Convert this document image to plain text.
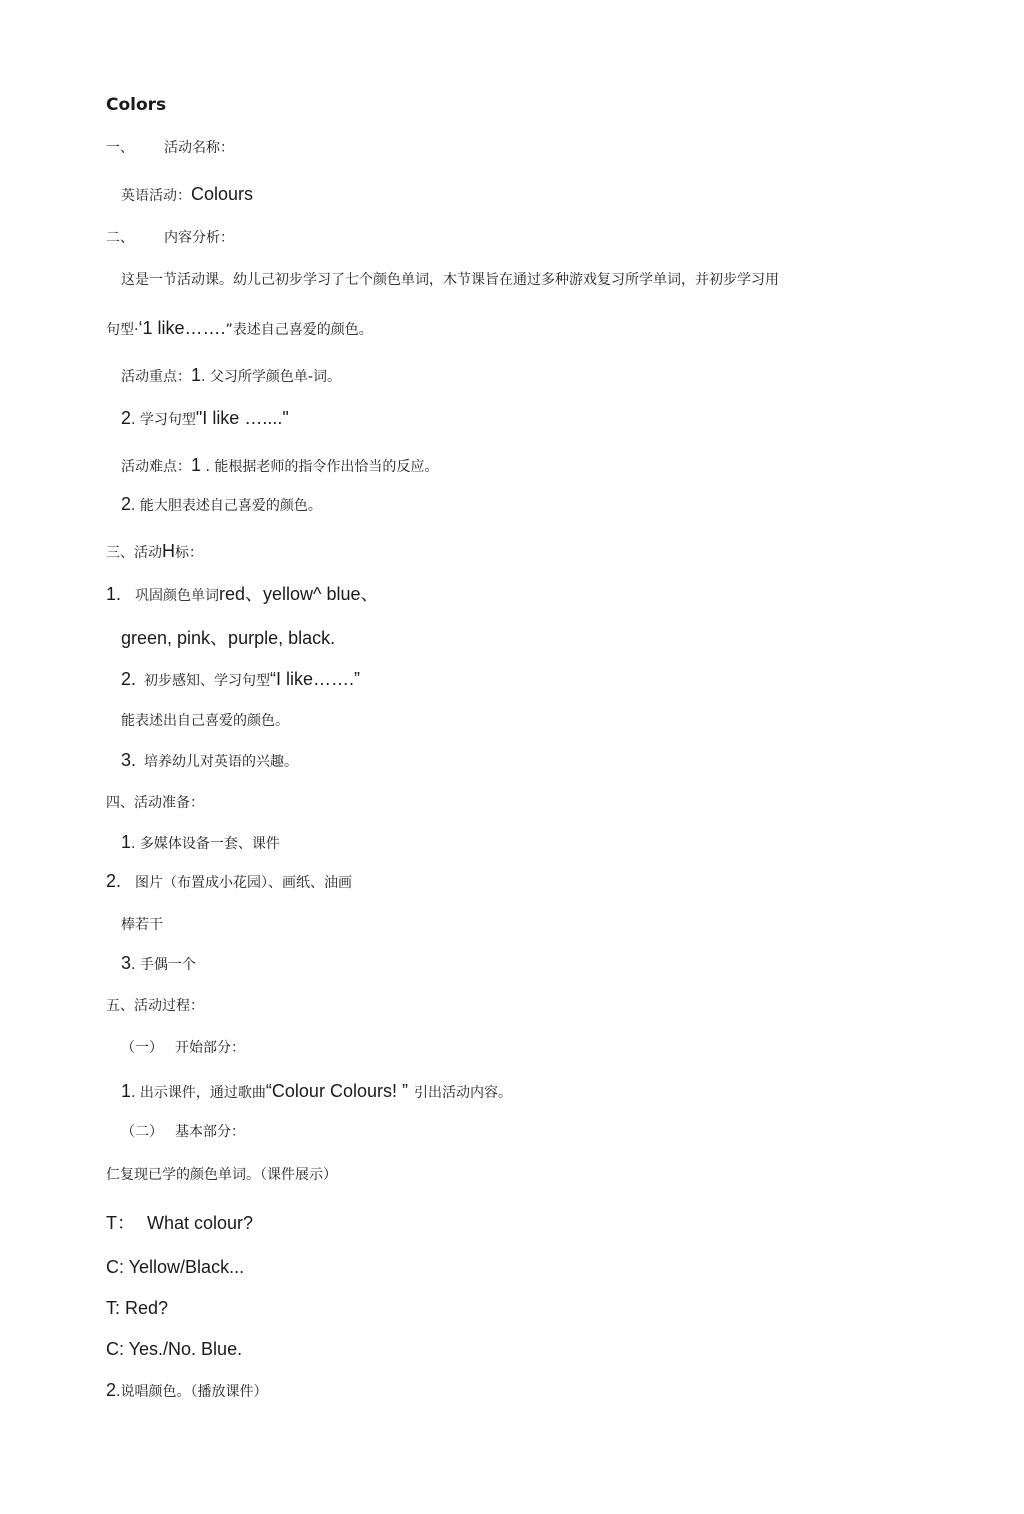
Colors
一、 活动名称：
英语活动：Colours
二、 内容分析：
这是一节活动课。幼儿己初步学习了七个颜色单词，木节课旨在通过多种游戏复习所学单词，并初步学习用
句型·‘1 like…….”表述自己喜爱的颜色。
活动重点：1. 父习所学颜色单-词。
2. 学习句型"I like …...."
活动难点：1 . 能根据老师的指令作出恰当的反应。
2. 能大胆表述自己喜爱的颜色。
三、活动H标：
1. 巩固颜色单词red、yellow^ blue、
green, pink、purple, black.
2. 初步感知、学习句型“I like…….”
能表述出自己喜爱的颜色。
3. 培养幼儿对英语的兴趣。
四、活动准备：
1. 多媒体设备一套、课件
2. 图片（布置成小花园）、画纸、油画
棒若干
3. 手偶一个
五、活动过程：
（一） 开始部分：
1. 出示课件，通过歌曲“Colour Colours! ” 引出活动内容。
（二） 基本部分：
仁复现已学的颜色单词。（课件展示）
T： What colour?
C: Yellow/Black...
T: Red?
C: Yes./No. Blue.
2.说唱颜色。（播放课件）
